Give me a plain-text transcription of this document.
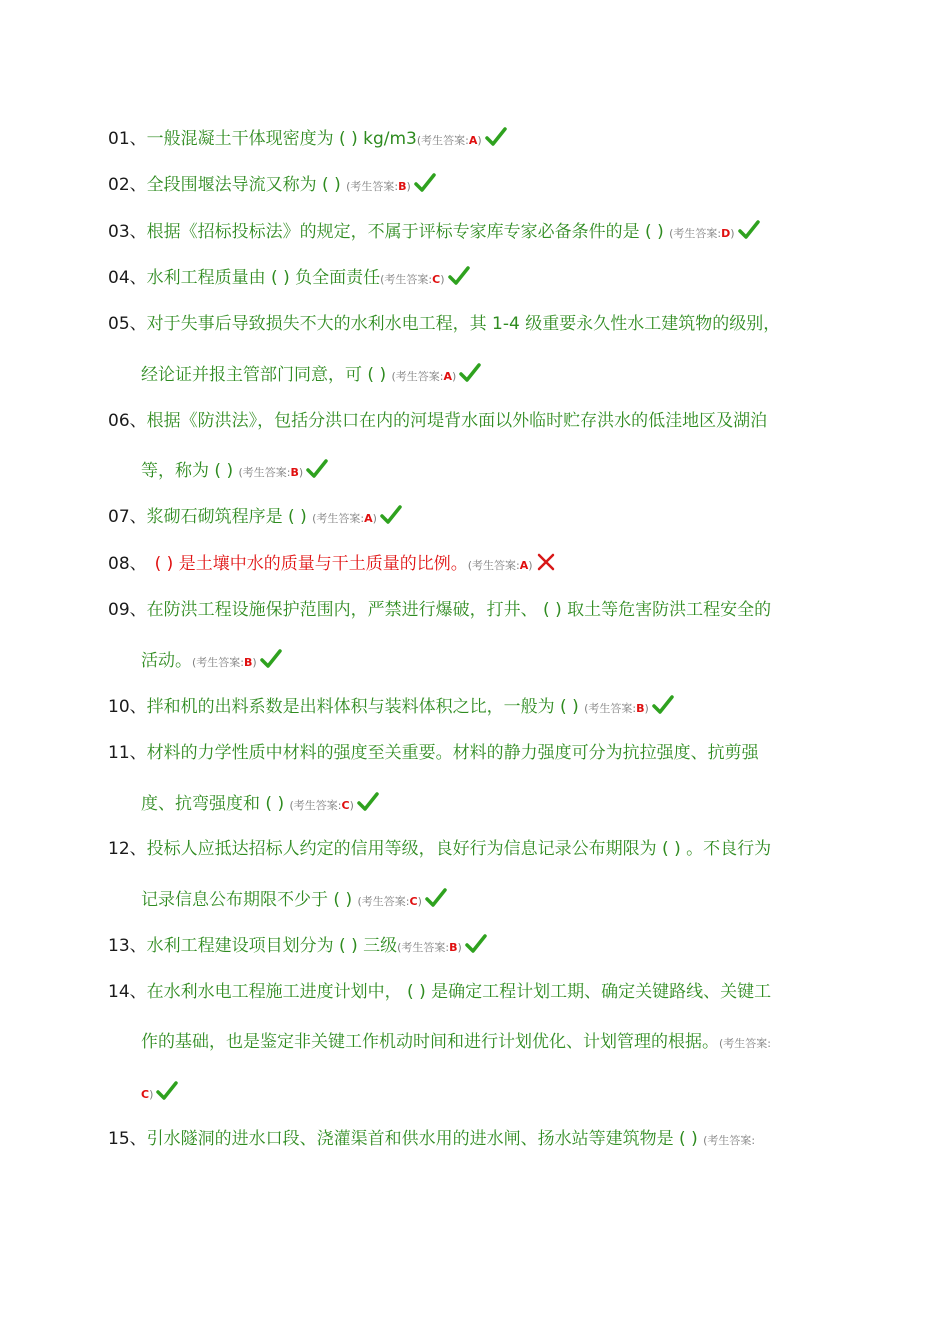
01、一般混凝土干体现密度为 ( ) kg/m3(考生答案:A)
02、全段围堰法导流又称为 ( ) (考生答案:B)
03、根据《招标投标法》的规定，不属于评标专家库专家必备条件的是 ( ) (考生答案:D)
04、水利工程质量由 ( ) 负全面责任(考生答案:C)
05、对于失事后导致损失不大的水利水电工程，其 1-4 级重要永久性水工建筑物的级别，
经论证并报主管部门同意，可 ( ) (考生答案:A)
06、根据《防洪法》，包括分洪口在内的河堤背水面以外临时贮存洪水的低洼地区及湖泊
等，称为 ( ) (考生答案:B)
07、浆砌石砌筑程序是 ( ) (考生答案:A)
08、 ( ) 是土壤中水的质量与干土质量的比例。(考生答案:A)
09、在防洪工程设施保护范围内，严禁进行爆破，打井、 ( ) 取土等危害防洪工程安全的
活动。(考生答案:B)
10、拌和机的出料系数是出料体积与装料体积之比，一般为 ( ) (考生答案:B)
11、材料的力学性质中材料的强度至关重要。材料的静力强度可分为抗拉强度、抗剪强
度、抗弯强度和 ( ) (考生答案:C)
12、投标人应抵达招标人约定的信用等级，良好行为信息记录公布期限为 ( ) 。不良行为
记录信息公布期限不少于 ( ) (考生答案:C)
13、水利工程建设项目划分为 ( ) 三级(考生答案:B)
14、在水利水电工程施工进度计划中， ( ) 是确定工程计划工期、确定关键路线、关键工
作的基础，也是鉴定非关键工作机动时间和进行计划优化、计划管理的根据。(考生答案:
C)
15、引水隧洞的进水口段、浇灌渠首和供水用的进水闸、扬水站等建筑物是 ( ) (考生答案:
